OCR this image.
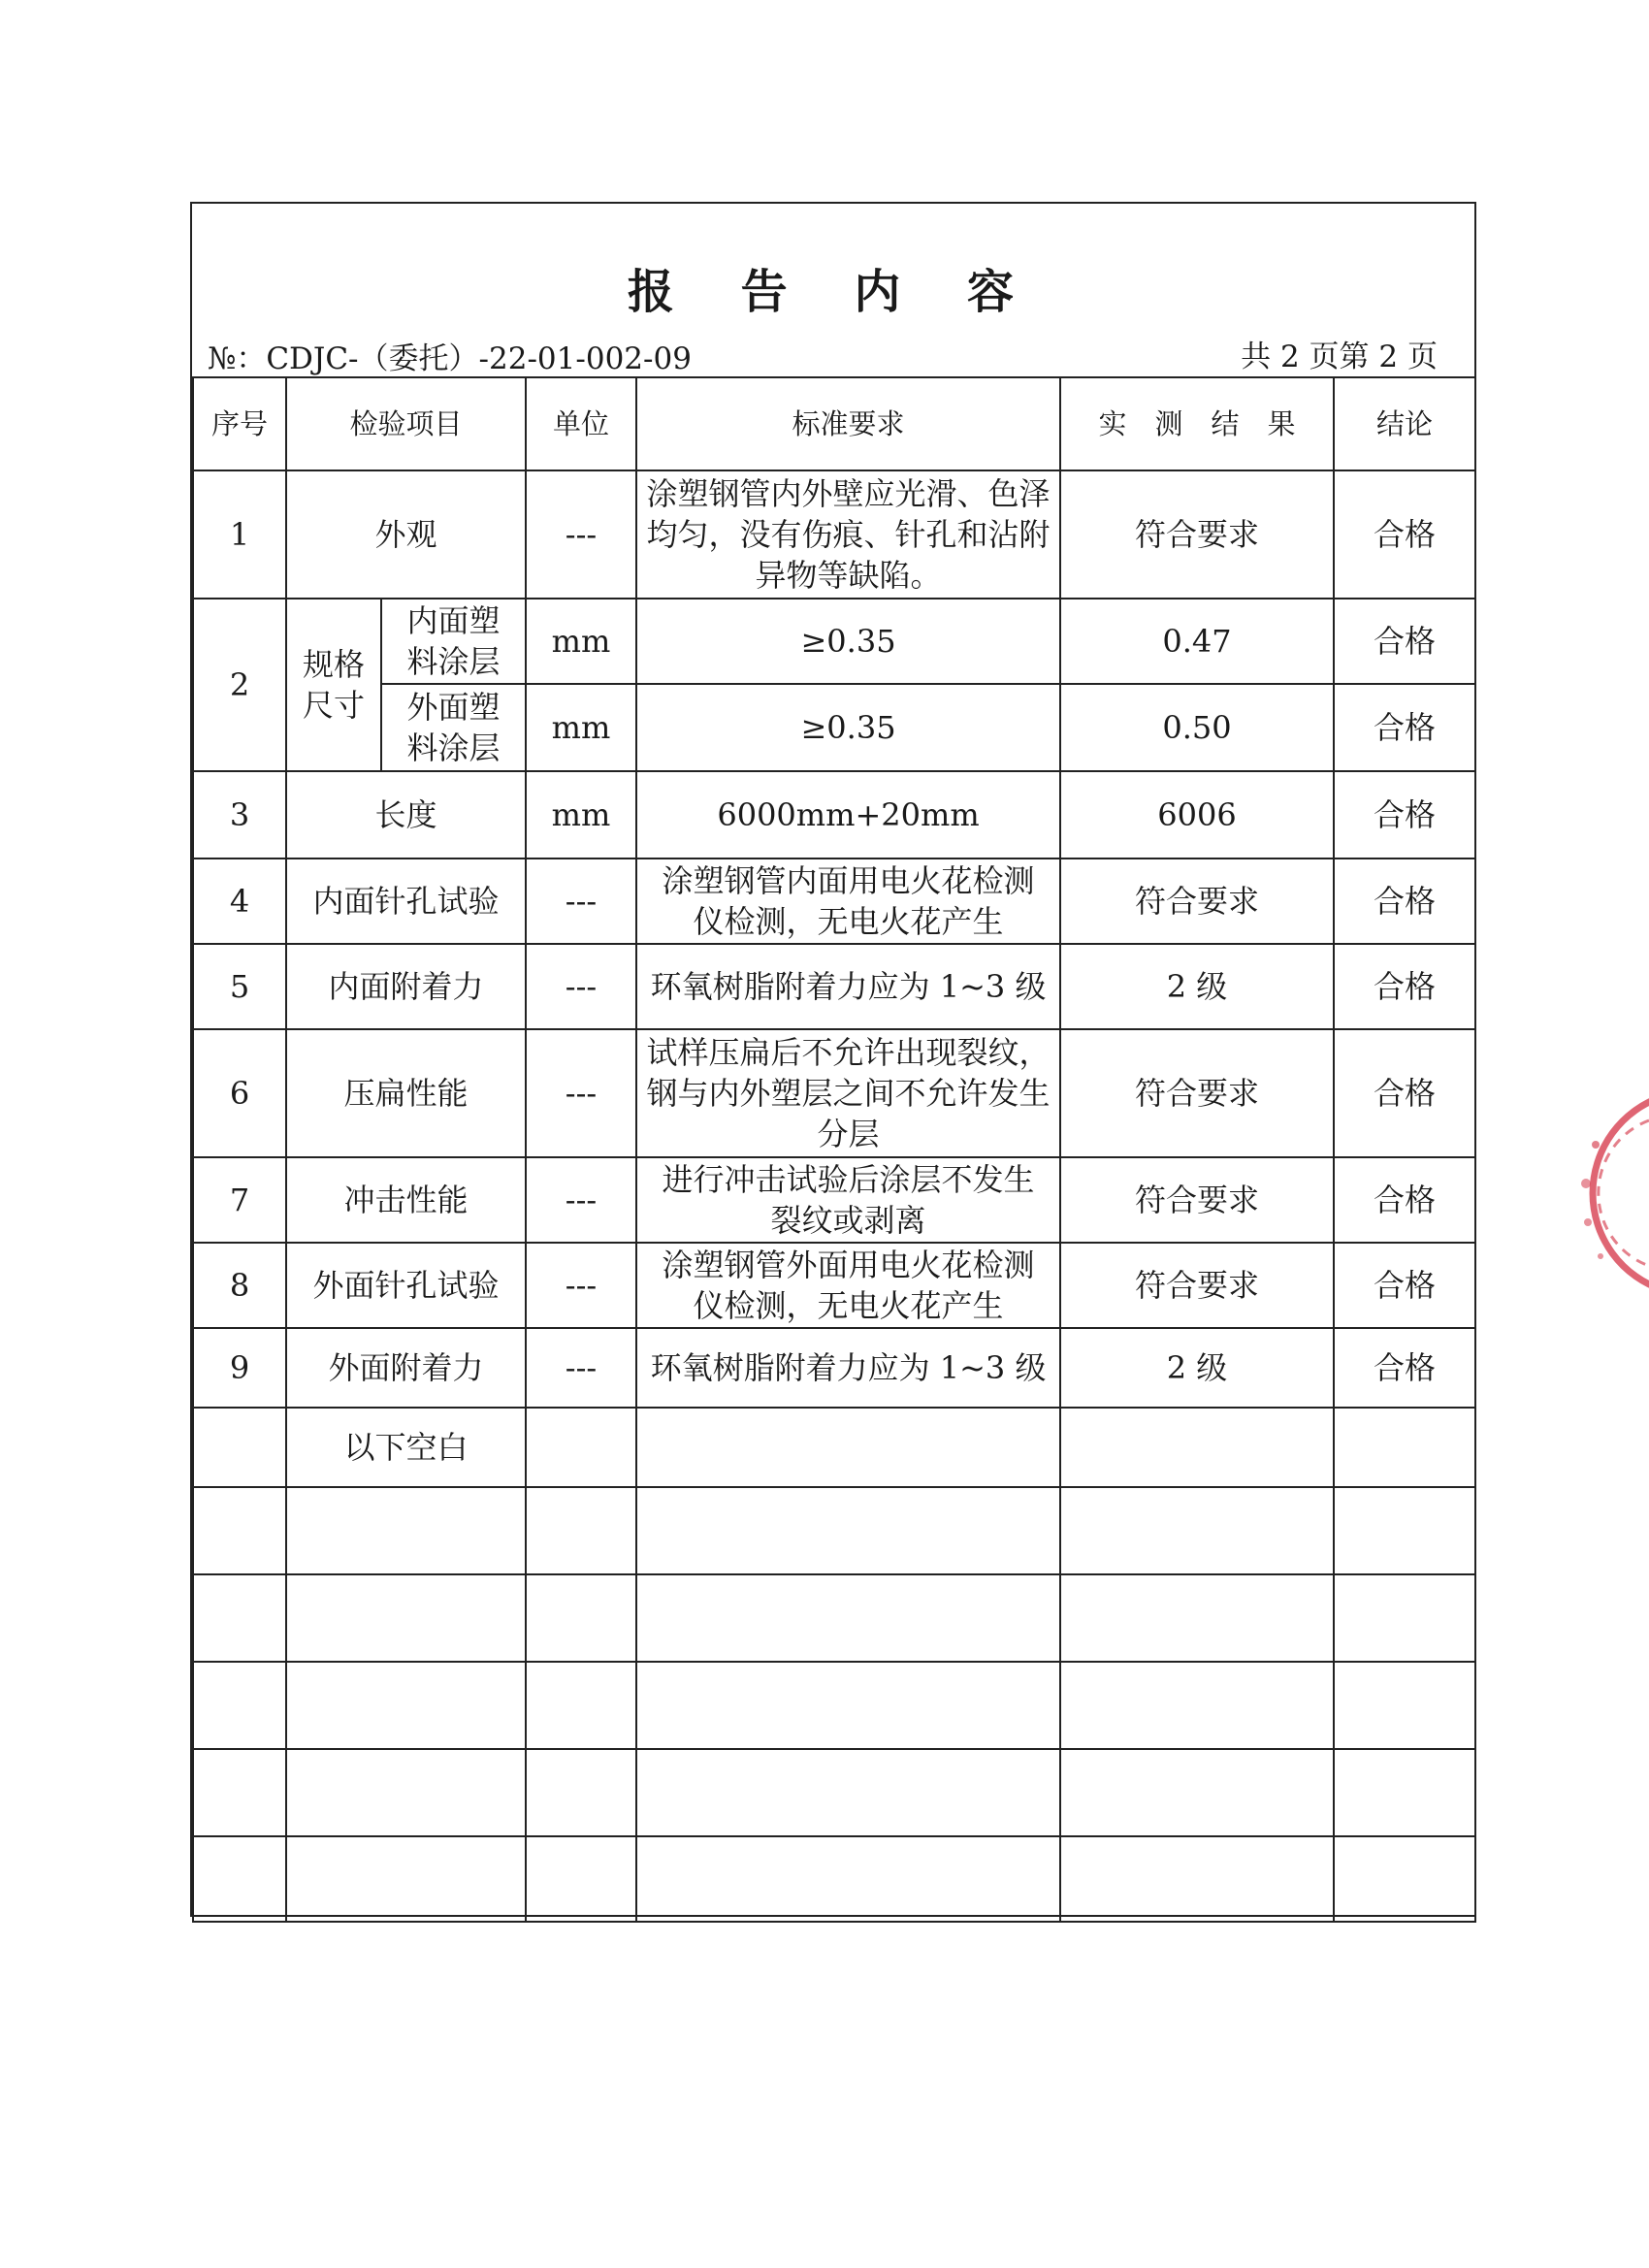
报 告 内 容
№：CDJC-（委托）-22-01-002-09	共 2 页第 2 页
序号	检验项目		单位	标准要求	实　测　结　果	结论
1	外观		---	涂塑钢管内外壁应光滑、色泽均匀，没有伤痕、针孔和沾附异物等缺陷。	符合要求	合格
2	规格尺寸	内面塑料涂层	mm	≥0.35	0.47	合格
		外面塑料涂层	mm	≥0.35	0.50	合格
3	长度		mm	6000mm+20mm	6006	合格
4	内面针孔试验		---	涂塑钢管内面用电火花检测仪检测，无电火花产生	符合要求	合格
5	内面附着力		---	环氧树脂附着力应为 1~3 级	2 级	合格
6	压扁性能		---	试样压扁后不允许出现裂纹，钢与内外塑层之间不允许发生分层	符合要求	合格
7	冲击性能		---	进行冲击试验后涂层不发生裂纹或剥离	符合要求	合格
8	外面针孔试验		---	涂塑钢管外面用电火花检测仪检测，无电火花产生	符合要求	合格
9	外面附着力		---	环氧树脂附着力应为 1~3 级	2 级	合格
	以下空白					
